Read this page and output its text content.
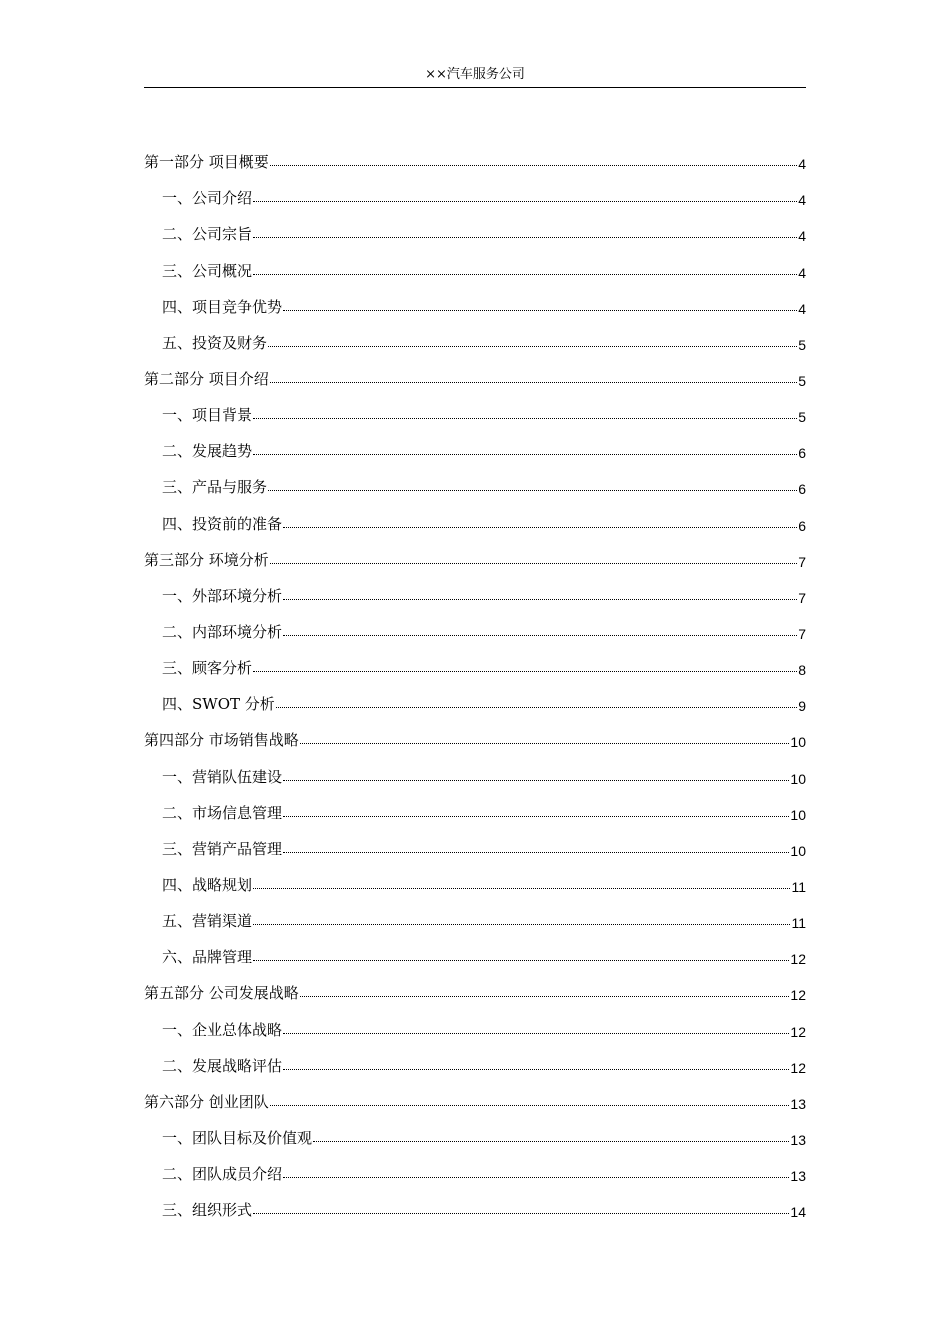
××汽车服务公司
第一部分 项目概要	4
一、公司介绍	4
二、公司宗旨	4
三、公司概况	4
四、项目竞争优势	4
五、投资及财务	5
第二部分 项目介绍	5
一、项目背景	5
二、发展趋势	6
三、产品与服务	6
四、投资前的准备	6
第三部分 环境分析	7
一、外部环境分析	7
二、内部环境分析	7
三、顾客分析	8
四、SWOT 分析	9
第四部分 市场销售战略	10
一、营销队伍建设	10
二、市场信息管理	10
三、营销产品管理	10
四、战略规划	11
五、营销渠道	11
六、品牌管理	12
第五部分 公司发展战略	12
一、企业总体战略	12
二、发展战略评估	12
第六部分 创业团队	13
一、团队目标及价值观	13
二、团队成员介绍	13
三、组织形式	14
